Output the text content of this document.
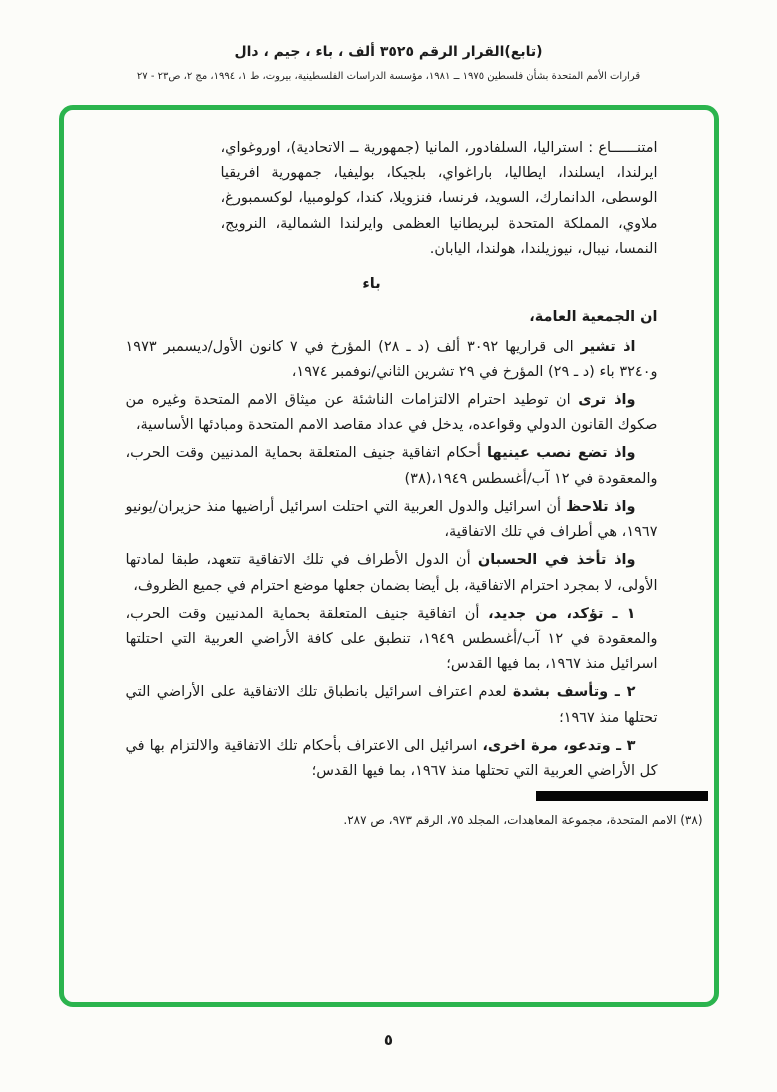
(تابع)القرار الرقم ٣٥٢٥ ألف ، باء ، جيم ، دال
قرارات الأمم المتحدة بشأن فلسطين ١٩٧٥ ــ ١٩٨١، مؤسسة الدراسات الفلسطينية، بيروت، ط ١، ١٩٩٤، مج ٢، ص٢٣ - ٢٧

امتنــــــاع : استراليا، السلفادور، المانيا (جمهورية ــ الاتحادية)، اوروغواي، ايرلندا، ايسلندا، ايطاليا، باراغواي، بلجيكا، بوليفيا، جمهورية افريقيا الوسطى، الدانمارك، السويد، فرنسا، فنزويلا، كندا، كولومبيا، لوكسمبورغ، ملاوي، المملكة المتحدة لبريطانيا العظمى وايرلندا الشمالية، النرويج، النمسا، نيبال، نيوزيلندا، هولندا، اليابان.

باء

ان الجمعية العامة،

اذ تشير الى قراريها ٣٠٩٢ ألف (د ـ ٢٨) المؤرخ في ٧ كانون الأول/ديسمبر ١٩٧٣ و٣٢٤٠ باء (د ـ ٢٩) المؤرخ في ٢٩ تشرين الثاني/نوفمبر ١٩٧٤،

واذ ترى ان توطيد احترام الالتزامات الناشئة عن ميثاق الامم المتحدة وغيره من صكوك القانون الدولي وقواعده، يدخل في عداد مقاصد الامم المتحدة ومبادئها الأساسية،

واذ تضع نصب عينيها أحكام اتفاقية جنيف المتعلقة بحماية المدنيين وقت الحرب، والمعقودة في ١٢ آب/أغسطس ١٩٤٩،(٣٨)

واذ تلاحظ أن اسرائيل والدول العربية التي احتلت اسرائيل أراضيها منذ حزيران/يونيو ١٩٦٧، هي أطراف في تلك الاتفاقية،

واذ تأخذ في الحسبان أن الدول الأطراف في تلك الاتفاقية تتعهد، طبقا لمادتها الأولى، لا بمجرد احترام الاتفاقية، بل أيضا بضمان جعلها موضع احترام في جميع الظروف،

١ ـ تؤكد، من جديد، أن اتفاقية جنيف المتعلقة بحماية المدنيين وقت الحرب، والمعقودة في ١٢ آب/أغسطس ١٩٤٩، تنطبق على كافة الأراضي العربية التي احتلتها اسرائيل منذ ١٩٦٧، بما فيها القدس؛

٢ ـ وتأسف بشدة لعدم اعتراف اسرائيل بانطباق تلك الاتفاقية على الأراضي التي تحتلها منذ ١٩٦٧؛

٣ ـ وتدعو، مرة اخرى، اسرائيل الى الاعتراف بأحكام تلك الاتفاقية والالتزام بها في كل الأراضي العربية التي تحتلها منذ ١٩٦٧، بما فيها القدس؛

(٣٨) الامم المتحدة، مجموعة المعاهدات، المجلد ٧٥، الرقم ٩٧٣، ص ٢٨٧.

٥
